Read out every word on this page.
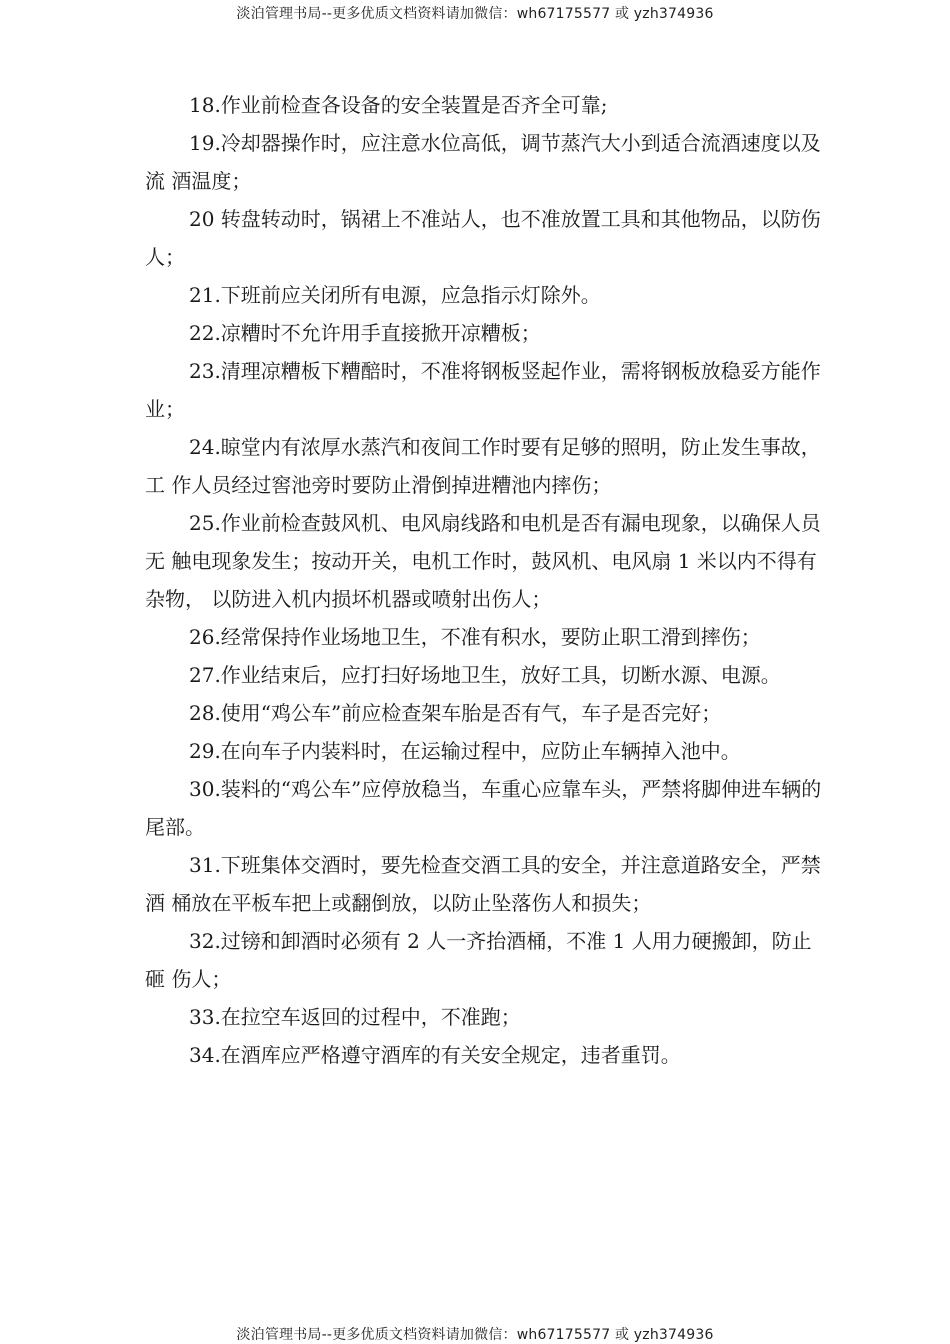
淡泊管理书局--更多优质文档资料请加微信：wh67175577 或 yzh374936

18.作业前检查各设备的安全装置是否齐全可靠;

19.冷却器操作时，应注意水位高低，调节蒸汽大小到适合流酒速度以及流 酒温度；

20 转盘转动时，锅裙上不准站人，也不准放置工具和其他物品，以防伤人；

21.下班前应关闭所有电源，应急指示灯除外。

22.凉糟时不允许用手直接掀开凉糟板；

23.清理凉糟板下糟醅时，不准将钢板竖起作业，需将钢板放稳妥方能作业；

24.晾堂内有浓厚水蒸汽和夜间工作时要有足够的照明，防止发生事故，工 作人员经过窖池旁时要防止滑倒掉进糟池内摔伤；

25.作业前检查鼓风机、电风扇线路和电机是否有漏电现象，以确保人员无 触电现象发生；按动开关，电机工作时，鼓风机、电风扇 1 米以内不得有杂物， 以防进入机内损坏机器或喷射出伤人；

26.经常保持作业场地卫生，不准有积水，要防止职工滑到摔伤；

27.作业结束后，应打扫好场地卫生，放好工具，切断水源、电源。

28.使用“鸡公车”前应检查架车胎是否有气，车子是否完好；

29.在向车子内装料时，在运输过程中，应防止车辆掉入池中。

30.装料的“鸡公车”应停放稳当，车重心应靠车头，严禁将脚伸进车辆的 尾部。

31.下班集体交酒时，要先检查交酒工具的安全，并注意道路安全，严禁酒 桶放在平板车把上或翻倒放，以防止坠落伤人和损失；

32.过镑和卸酒时必须有 2 人一齐抬酒桶，不准 1 人用力硬搬卸，防止砸 伤人；

33.在拉空车返回的过程中，不准跑；

34.在酒库应严格遵守酒库的有关安全规定，违者重罚。

淡泊管理书局--更多优质文档资料请加微信：wh67175577 或 yzh374936
